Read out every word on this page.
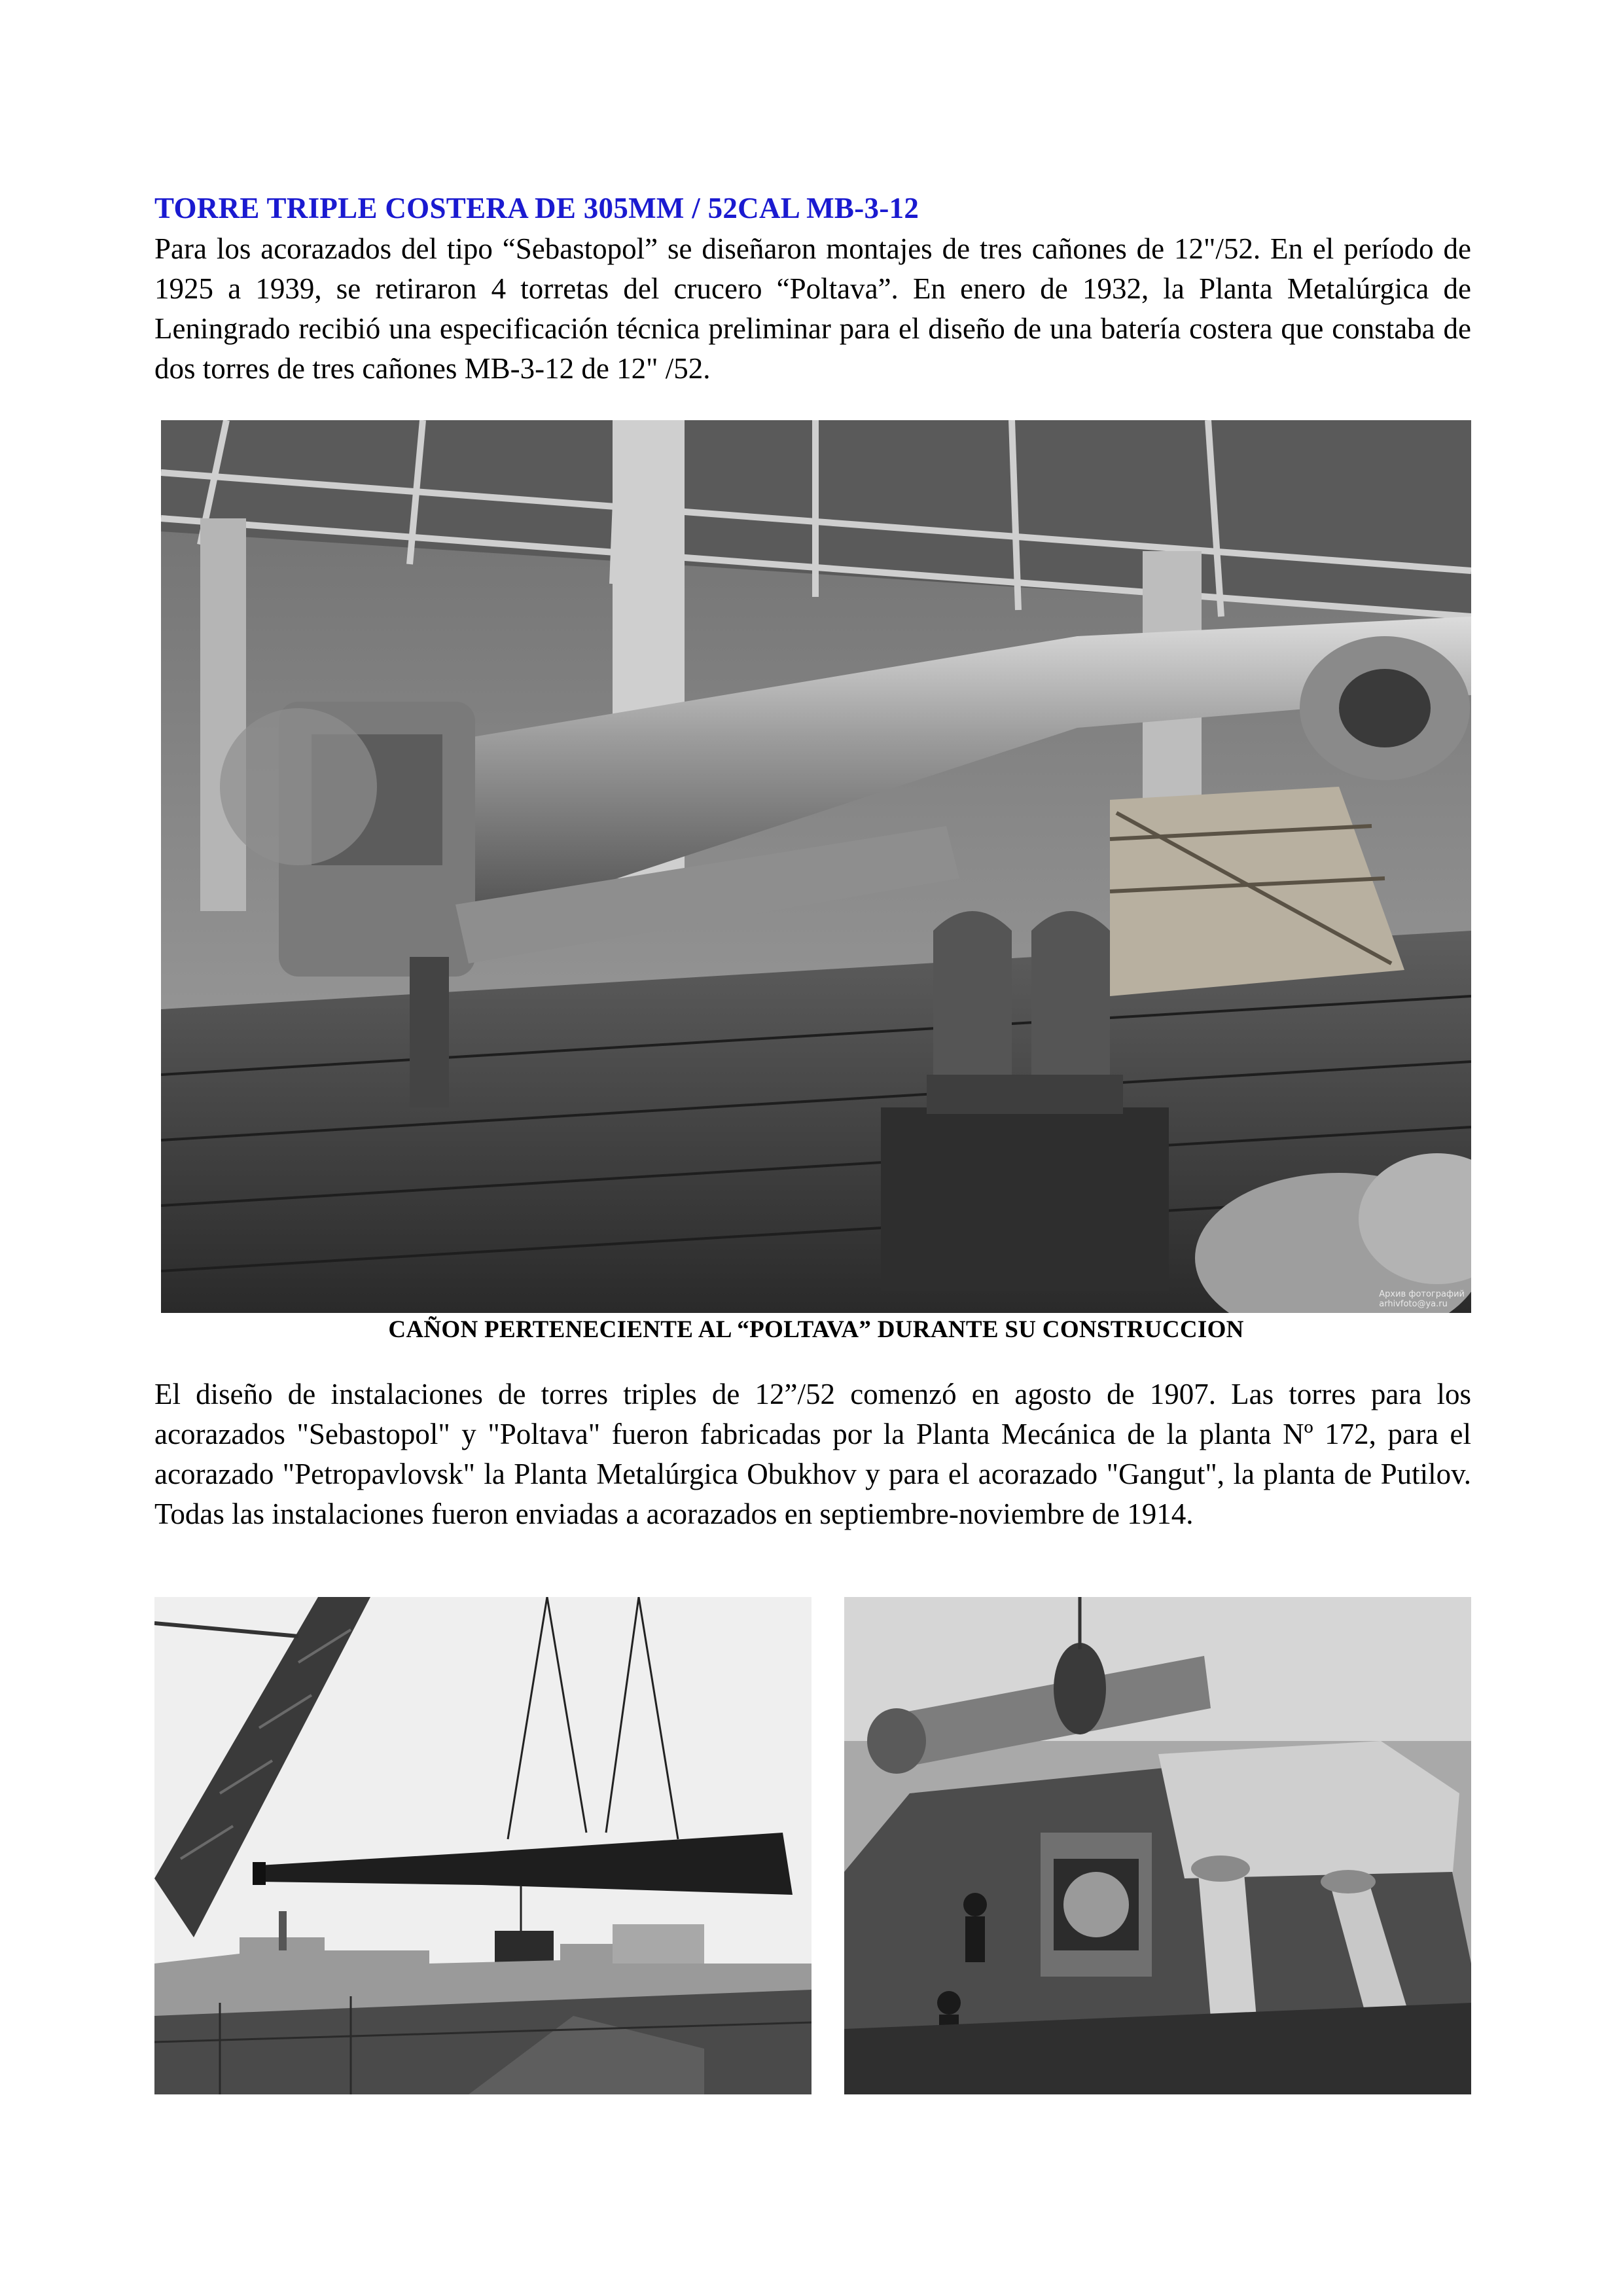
TORRE TRIPLE COSTERA DE 305MM / 52CAL MB-3-12

Para los acorazados del tipo “Sebastopol” se diseñaron montajes de tres cañones de 12"/52. En el período de 1925 a 1939, se retiraron 4 torretas del crucero “Poltava”. En enero de 1932, la Planta Metalúrgica de Leningrado recibió una especificación técnica preliminar para el diseño de una batería costera que constaba de dos torres de tres cañones MB-3-12 de 12" /52.

Архив фотографий
arhivfoto@ya.ru
CAÑON PERTENECIENTE AL “POLTAVA” DURANTE SU CONSTRUCCION

El diseño de instalaciones de torres triples de 12”/52 comenzó en agosto de 1907. Las torres para los acorazados "Sebastopol" y "Poltava" fueron fabricadas por la Planta Mecánica de la planta Nº 172, para el acorazado "Petropavlovsk" la Planta Metalúrgica Obukhov y para el acorazado "Gangut", la planta de Putilov. Todas las instalaciones fueron enviadas a acorazados en septiembre-noviembre de 1914.
